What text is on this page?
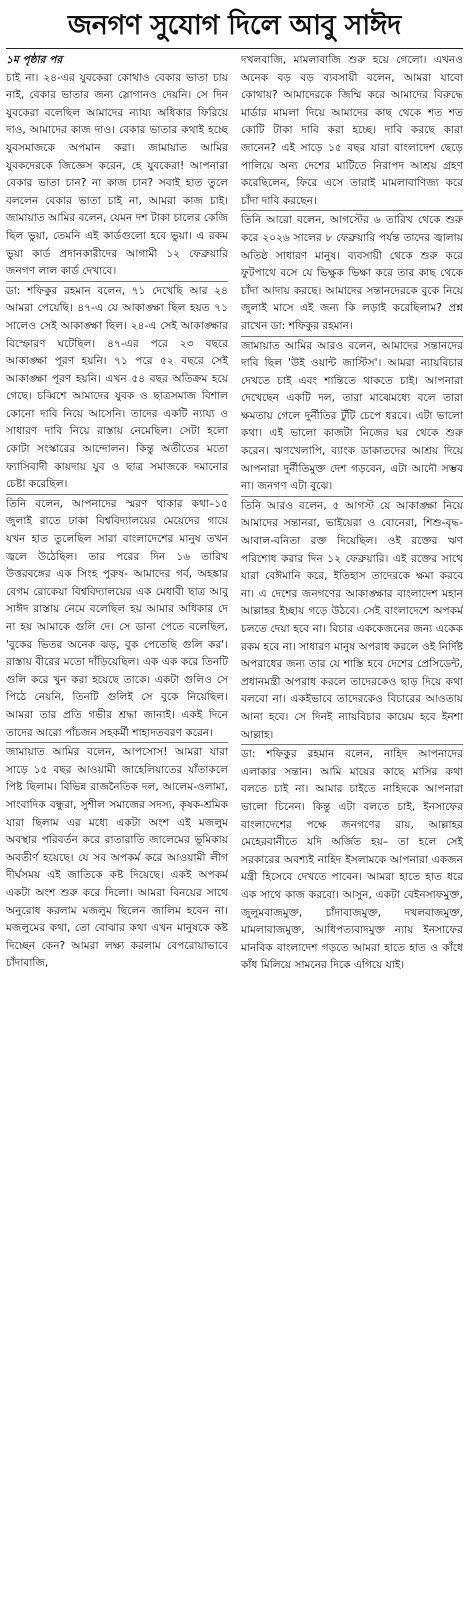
জনগণ সুযোগ দিলে আবু সাঈদ
১ম পৃষ্ঠার পর

চাই না। ২৪-এর যুবকেরা কোথাও বেকার ভাতা চায় নাই, বেকার ভাতার জন্য স্লোগানও দেয়নি। সে দিন যুবকেরা বলেছিল আমাদের ন্যায্য অধিকার ফিরিয়ে দাও, আমাদের কাজ দাও। বেকার ভাতার কথাই হচ্ছে যুবসমাজকে অপমান করা। জামায়াত আমির যুবকদেরকে জিজ্ঞেস করেন, হে যুবকেরা! আপনারা বেকার ভাতা চান? না কাজ চান? সবাই হাত তুলে বললেন বেকার ভাতা চাই না, আমরা কাজ চাই। জামায়াত আমির বলেন, যেমন দশ টাকা চালের কেজি ছিল ভুয়া, তেমনি এই কার্ডগুলো হবে ভুয়া। এ রকম ভুয়া কার্ড প্রদানকারীদের আগামী ১২ ফেব্রুয়ারি জনগণ লাল কার্ড দেখাবে।

ডা: শফিকুর রহমান বলেন, ৭১ দেখেছি আর ২৪ আমরা পেয়েছি। ৪৭-এ যে আকাঙ্ক্ষা ছিল হয়ত ৭১ সালেও সেই আকাঙ্ক্ষা ছিল। ২৪-এ সেই আকাঙ্ক্ষার বিস্ফোরণ ঘটেছিল। ৪৭-এর পরে ২৩ বছরে আকাঙ্ক্ষা পূরণ হয়নি। ৭১ পরে ৫২ বছরে সেই আকাঙ্ক্ষা পূরণ হয়নি। এখন ৫৪ বছর অতিক্রম হয়ে গেছে। চব্বিশে আমাদের যুবক ও ছাত্রসমাজ বিশাল কোনো দাবি নিয়ে আসেনি। তাদের একটি ন্যায্য ও সাধারণ দাবি নিয়ে রাস্তায় নেমেছিল। সেটা হলো কোটা সংস্কারের আন্দোলন। কিন্তু অতীতের মতো ফ্যাসিবাদী কায়দায় যুব ও ছাত্র সমাজকে দমানোর চেষ্টা করেছিল।

তিনি বলেন, আপনাদের স্মরণ থাকার কথা–১৫ জুলাই রাতে ঢাকা বিশ্ববিদ্যালয়ের মেয়েদের গায়ে যখন হাত তুলেছিল সারা বাংলাদেশের মানুষ তখন জ্বলে উঠেছিল। তার পরের দিন ১৬ তারিখ উত্তরবঙ্গের এক সিংহ পুরুষ- আমাদের গর্ব, অহঙ্কার বেগম রোকেয়া বিশ্ববিদ্যালয়ের এক মেধাবী ছাত্র আবু সাঈদ রাস্তায় নেমে বলেছিল হয় আমার অধিকার দে না হয় আমাকে গুলি দে। সে ডানা পেতে বলেছিল, 'বুকের ভিতর অনেক ঝড়, বুক পেতেছি গুলি কর'। রাস্তায় বীরের মতো দাঁড়িয়েছিল। এক এক করে তিনটি গুলি করে খুন করা হয়েছে তাকে। একটা গুলিও সে পিঠে নেয়নি, তিনটি গুলিই সে বুকে নিয়েছিল। আমরা তার প্রতি গভীর শ্রদ্ধা জানাই। একই দিনে তাদের আরো পাঁচজন সহকর্মী শাহাদতবরণ করেন।

জামায়াত আমির বলেন, আপসোস! আমরা যারা সাড়ে ১৫ বছর আওয়ামী জাহেলিয়াতের যাঁতাকলে পিষ্ট ছিলাম। বিভিন্ন রাজনৈতিক দল, আলেম-ওলামা, সাংবাদিক বন্ধুরা, সুশীল সমাজের সদস্য, কৃষক-শ্রমিক যারা ছিলাম এর মধ্যে একটা অংশ এই মজলুম অবস্থার পরিবর্তন করে রাতারাতি জালেমের ভূমিকায় অবতীর্ণ হয়েছে। যে সব অপকর্ম করে আওয়ামী লীগ দীর্ঘসময় এই জাতিকে কষ্ট দিয়েছে। একই অপকর্ম একটা অংশ শুরু করে দিলো। আমরা বিনয়ের সাথে অনুরোধ করলাম মজলুম ছিলেন জালিম হবেন না। মজলুমের কথা, তো বোঝার কথা এখন মানুষকে কষ্ট দিচ্ছেন কেন? আমরা লক্ষ্য করলাম বেপরোয়াভাবে চাঁদাবাজি,

দখলবাজি, মামলাবাজি শুরু হয়ে গেলো। এখনও অনেক বড় বড় ব্যবসায়ী বলেন, আমরা যাবো কোথায়? আমাদেরকে জিম্মি করে আমাদের বিরুদ্ধে মার্ডার মামলা দিয়ে আমাদের কাছ থেকে শত শত কোটি টাকা দাবি করা হচ্ছে। দাবি করছে কারা জানেন? এই সাড়ে ১৫ বছর যারা বাংলাদেশ ছেড়ে পালিয়ে অন্য দেশের মাটিতে নিরাপদ আশ্রয় গ্রহণ করেছিলেন, ফিরে এসে তারাই মামলাবাণিজ্য করে চাঁদা দাবি করছেন।

তিনি আরো বলেন, আগস্টের ৬ তারিখ থেকে শুরু করে ২০২৬ সালের ৮ ফেব্রুয়ারি পর্যন্ত তাদের জ্বালায় অতিষ্ঠ সাধারণ মানুষ। ব্যবসায়ী থেকে শুরু করে ফুটপাথে বসে যে ভিক্ষুক ভিক্ষা করে তার কাছ থেকে চাঁদা আদায় করছে। আমাদের সন্তানদেরকে বুকে নিয়ে জুলাই মাসে এই জন্য কি লড়াই করেছিলাম? প্রশ্ন রাখেন ডা: শফিকুর রহমান।

জামায়াত আমির আরও বলেন, আমাদের সন্তানদের দাবি ছিল 'উই ওয়ান্ট জাস্টিস'। আমরা ন্যায়বিচার দেখতে চাই এবং শান্তিতে থাকতে চাই। আপনারা দেখেছেন একটি দল, তারা মাঝেমধ্যে বলে তারা ক্ষমতায় গেলে দুর্নীতির টুঁটি চেপে ধরবে। এটা ভালো কথা। এই ভালো কাজটা নিজের ঘর থেকে শুরু করেন। ঋণখেলাপি, ব্যাংক ডাকাতদের আশ্রয় দিয়ে আপনারা দুর্নীতিমুক্ত দেশ গড়বেন, এটা আদৌ সম্ভব না। জনগণ এটা বুঝে।

তিনি আরও বলেন, ৫ আগস্ট যে আকাঙ্ক্ষা নিয়ে আমাদের সন্তানরা, ভাইয়েরা ও বোনেরা, শিশু-বৃদ্ধ-আবাল-বনিতা রক্ত দিয়েছিল। ওই রক্তের ঋণ পরিশোধ করার দিন ১২ ফেব্রুয়ারি। এই রক্তের সাথে যারা বেঈমানি করে, ইতিহাস তাদেরকে ক্ষমা করবে না। এ দেশের জনগণের আকাঙ্ক্ষার বাংলাদেশ মহান আল্লাহর ইচ্ছায় গড়ে উঠবে। সেই বাংলাদেশে অপকর্ম চলতে দেয়া হবে না। বিচার এককেজনের জন্য একেক রকম হবে না। সাধারণ মানুষ অপরাধ করলে ওই নির্দিষ্ট অপরাধের জন্য তার যে শাস্তি হবে দেশের প্রেসিডেন্ট, প্রধানমন্ত্রী অপরাধ করলে তাদেরকেও ছাড় দিয়ে কথা বলবো না। একইভাবে তাদেরকেও বিচারের আওতায় আনা হবে। সে দিনই ন্যায়বিচার কায়েম হবে ইনশা আল্লাহ।

ডা: শফিকুর রহমান বলেন, নাহিদ আপনাদের এলাকার সন্তান। আমি মায়ের কাছে মাসির কথা বলতে চাই না। আমার চাইতে নাহিদকে আপনারা ভালো চিনেন। কিন্তু এটা বলতে চাই, ইনসাফের বাংলাদেশের পক্ষে জনগণের রায়, আল্লাহর মেহেরবানীতে যদি অর্জিত হয়– তা হলে সেই সরকারের অবশ্যই নাহিদ ইসলামকে আপনারা একজন মন্ত্রী হিসেবে দেখতে পাবেন। আমরা হাতে হাত ধরে এক সাথে কাজ করবো। আসুন, একটা বেইনসাফমুক্ত, জুলুমবাজমুক্ত, চাঁদাবাজমুক্ত, দখলবাজমুক্ত, মামলাবাজমুক্ত, আধিপত্যবাদমুক্ত ন্যায় ইনসাফের মানবিক বাংলাদেশ গড়তে আমরা হাতে হাত ও কাঁধে কাঁধ মিলিয়ে সামনের দিকে এগিয়ে যাই।
